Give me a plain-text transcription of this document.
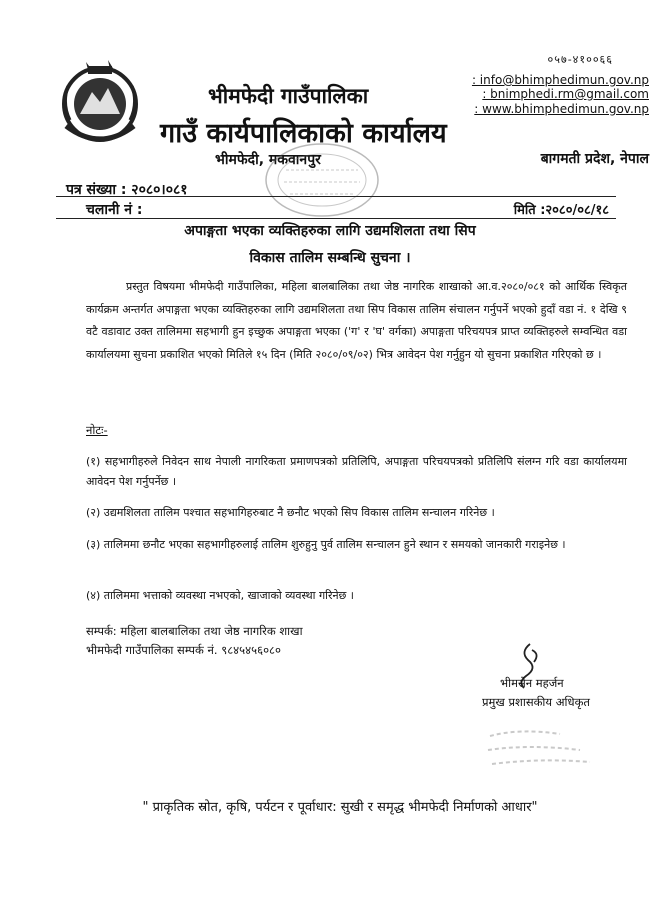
भीमफेदी गाउँपालिका
गाउँ कार्यपालिकाको कार्यालय
भीमफेदी, मकवानपुर
०५७-४१००६६
: info@bhimphedimun.gov.np
: bnimphedi.rm@gmail.com
: www.bhimphedimun.gov.np
बागमती प्रदेश, नेपाल
पत्र संख्या : २०८०।०८१
चलानी नं :	मिति :२०८०/०८/१८
अपाङ्गता भएका व्यक्तिहरुका लागि उद्यमशिलता तथा सिप
विकास तालिम सम्बन्धि सुचना ।
प्रस्तुत विषयमा भीमफेदी गाउँपालिका, महिला बालबालिका तथा जेष्ठ नागरिक शाखाको आ.व.२०८०/०८१ को आर्थिक स्विकृत कार्यक्रम अन्तर्गत अपाङ्गता भएका व्यक्तिहरुका लागि उद्यमशिलता तथा सिप विकास तालिम संचालन गर्नुपर्ने भएको हुदाँ वडा नं. १ देखि ९ वटै वडावाट उक्त तालिममा सहभागी हुन इच्छुक अपाङ्गता भएका ('ग' र 'घ' वर्गका) अपाङ्गता परिचयपत्र प्राप्त व्यक्तिहरुले सम्वन्धित वडा कार्यालयमा सुचना प्रकाशित भएको मितिले १५ दिन (मिति २०८०/०९/०२) भित्र आवेदन पेश गर्नुहुन यो सुचना प्रकाशित गरिएको छ ।
नोटः-
(१) सहभागीहरुले निवेदन साथ नेपाली नागरिकता प्रमाणपत्रको प्रतिलिपि, अपाङ्गता परिचयपत्रको प्रतिलिपि संलग्न गरि वडा कार्यालयमा आवेदन पेश गर्नुपर्नेछ ।
(२) उद्यमशिलता तालिम पश्चात सहभागिहरुबाट नै छनौट भएको सिप विकास तालिम सन्चालन गरिनेछ ।
(३) तालिममा छनौट भएका सहभागीहरुलाई तालिम शुरुहुनु पुर्व तालिम सन्चालन हुने स्थान र समयको जानकारी गराइनेछ ।
(४) तालिममा भत्ताको व्यवस्था नभएको, खाजाको व्यवस्था गरिनेछ ।
सम्पर्क: महिला बालबालिका तथा जेष्ठ नागरिक शाखा
भीमफेदी गाउँपालिका सम्पर्क नं. ९८४५४५६०८०
भीमसेन महर्जन
प्रमुख प्रशासकीय अधिकृत
" प्राकृतिक स्रोत, कृषि, पर्यटन र पूर्वाधार: सुखी र समृद्ध भीमफेदी निर्माणको आधार"
